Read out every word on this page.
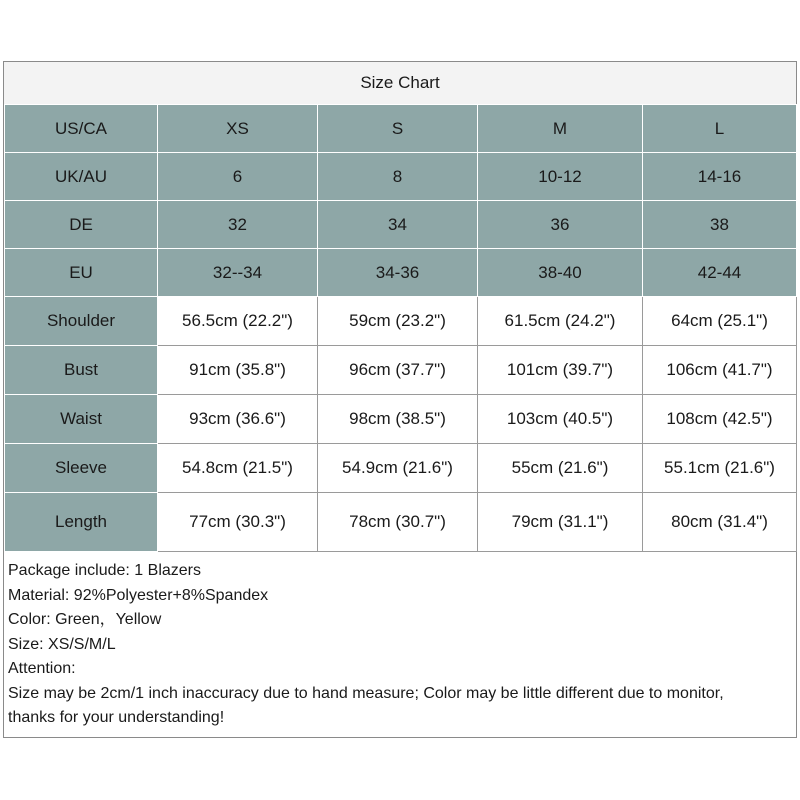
Size Chart
US/CA	XS	S	M	L
UK/AU	6	8	10-12	14-16
DE	32	34	36	38
EU	32--34	34-36	38-40	42-44
Shoulder	56.5cm (22.2")	59cm (23.2")	61.5cm (24.2")	64cm (25.1")
Bust	91cm (35.8")	96cm (37.7")	101cm (39.7")	106cm (41.7")
Waist	93cm (36.6")	98cm (38.5")	103cm (40.5")	108cm (42.5")
Sleeve	54.8cm (21.5")	54.9cm (21.6")	55cm (21.6")	55.1cm (21.6")
Length	77cm (30.3")	78cm (30.7")	79cm (31.1")	80cm (31.4")
Package include: 1 Blazers
Material: 92%Polyester+8%Spandex
Color: Green，Yellow
Size: XS/S/M/L
Attention:
Size may be 2cm/1 inch inaccuracy due to hand measure; Color may be little different due to monitor,
thanks for your understanding!
